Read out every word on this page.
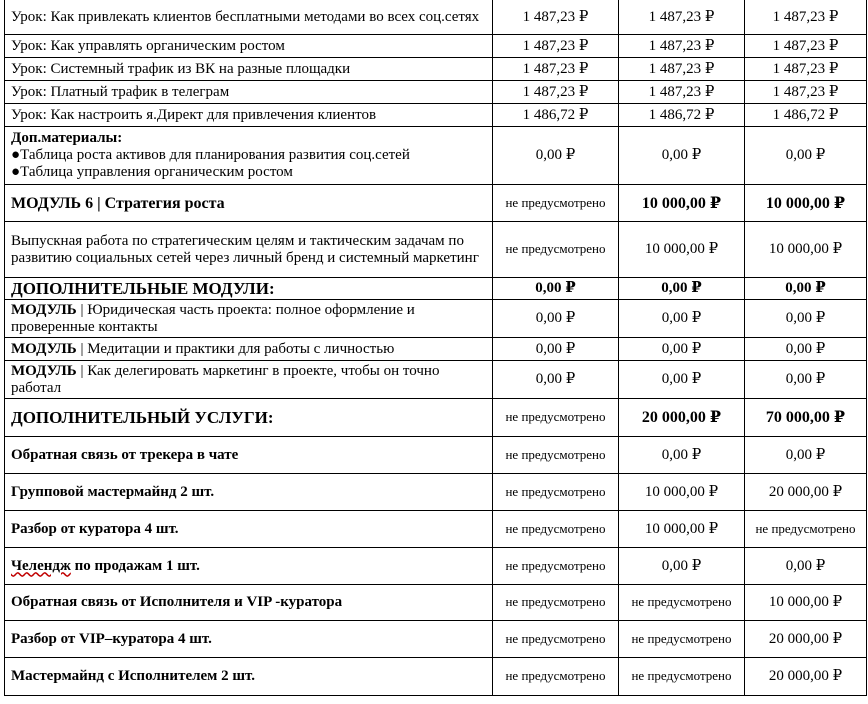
Урок: Как привлекать клиентов бесплатными методами во всех соц.сетях	1 487,23 ₽	1 487,23 ₽	1 487,23 ₽
Урок: Как управлять органическим ростом	1 487,23 ₽	1 487,23 ₽	1 487,23 ₽
Урок: Системный трафик из ВК на разные площадки	1 487,23 ₽	1 487,23 ₽	1 487,23 ₽
Урок: Платный трафик в телеграм	1 487,23 ₽	1 487,23 ₽	1 487,23 ₽
Урок: Как настроить я.Директ для привлечения клиентов	1 486,72 ₽	1 486,72 ₽	1 486,72 ₽

Доп.материалы:
●Таблица роста активов для планирования развития соц.сетей
●Таблица управления органическим ростом	0,00 ₽	0,00 ₽	0,00 ₽
МОДУЛЬ 6 | Стратегия роста	не предусмотрено	10 000,00 ₽	10 000,00 ₽
Выпускная работа по стратегическим целям и тактическим задачам по развитию социальных сетей через личный бренд и системный маркетинг	не предусмотрено	10 000,00 ₽	10 000,00 ₽
ДОПОЛНИТЕЛЬНЫЕ МОДУЛИ:	0,00 ₽	0,00 ₽	0,00 ₽
МОДУЛЬ | Юридическая часть проекта: полное оформление и проверенные контакты	0,00 ₽	0,00 ₽	0,00 ₽
МОДУЛЬ | Медитации и практики для работы с личностью	0,00 ₽	0,00 ₽	0,00 ₽
МОДУЛЬ | Как делегировать маркетинг в проекте, чтобы он точно работал	0,00 ₽	0,00 ₽	0,00 ₽
ДОПОЛНИТЕЛЬНЫЙ УСЛУГИ:	не предусмотрено	20 000,00 ₽	70 000,00 ₽
Обратная связь от трекера в чате	не предусмотрено	0,00 ₽	0,00 ₽
Групповой мастермайнд 2 шт.	не предусмотрено	10 000,00 ₽	20 000,00 ₽
Разбор от куратора 4 шт.	не предусмотрено	10 000,00 ₽	не предусмотрено
Челендж по продажам 1 шт.	не предусмотрено	0,00 ₽	0,00 ₽
Обратная связь от Исполнителя и VIP -куратора	не предусмотрено	не предусмотрено	10 000,00 ₽
Разбор от VIP–куратора 4 шт.	не предусмотрено	не предусмотрено	20 000,00 ₽
Мастермайнд с Исполнителем 2 шт.	не предусмотрено	не предусмотрено	20 000,00 ₽
